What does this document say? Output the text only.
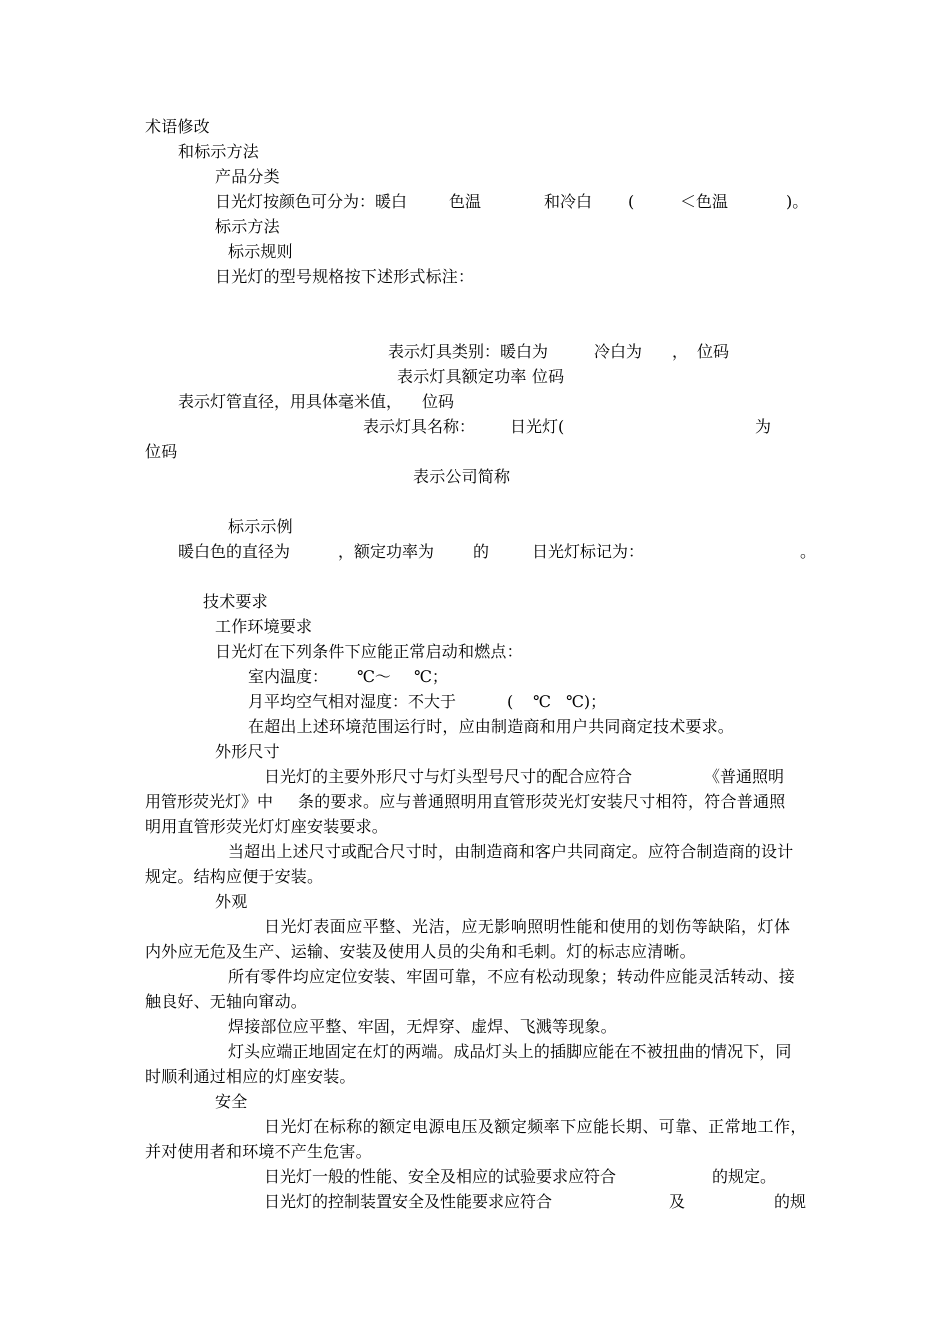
术语修改
和标示方法
产品分类
日光灯按颜色可分为：暖白	色温	和冷白 (	＜色温	)。
标示方法
标示规则
日光灯的型号规格按下述形式标注：
表示灯具类别：暖白为	冷白为 ， 位码
表示灯具额定功率 位码
表示灯管直径，用具体毫米值， 位码
表示灯具名称： 日光灯(	为
位码
表示公司简称
标示示例
暖白色的直径为	，额定功率为 的	日光灯标记为：	。
技术要求
工作环境要求
日光灯在下列条件下应能正常启动和燃点：
室内温度： ℃～ ℃；
月平均空气相对湿度：不大于	( ℃ ℃)；
在超出上述环境范围运行时，应由制造商和用户共同商定技术要求。
外形尺寸
日光灯的主要外形尺寸与灯头型号尺寸的配合应符合	《普通照明
用管形荧光灯》中 条的要求。应与普通照明用直管形荧光灯安装尺寸相符，符合普通照
明用直管形荧光灯灯座安装要求。
当超出上述尺寸或配合尺寸时，由制造商和客户共同商定。应符合制造商的设计
规定。结构应便于安装。
外观
日光灯表面应平整、光洁，应无影响照明性能和使用的划伤等缺陷，灯体
内外应无危及生产、运输、安装及使用人员的尖角和毛刺。灯的标志应清晰。
所有零件均应定位安装、牢固可靠，不应有松动现象；转动件应能灵活转动、接
触良好、无轴向窜动。
焊接部位应平整、牢固，无焊穿、虚焊、飞溅等现象。
灯头应端正地固定在灯的两端。成品灯头上的插脚应能在不被扭曲的情况下，同
时顺利通过相应的灯座安装。
安全
日光灯在标称的额定电源电压及额定频率下应能长期、可靠、正常地工作，
并对使用者和环境不产生危害。
日光灯一般的性能、安全及相应的试验要求应符合	的规定。
日光灯的控制装置安全及性能要求应符合	及	的规
